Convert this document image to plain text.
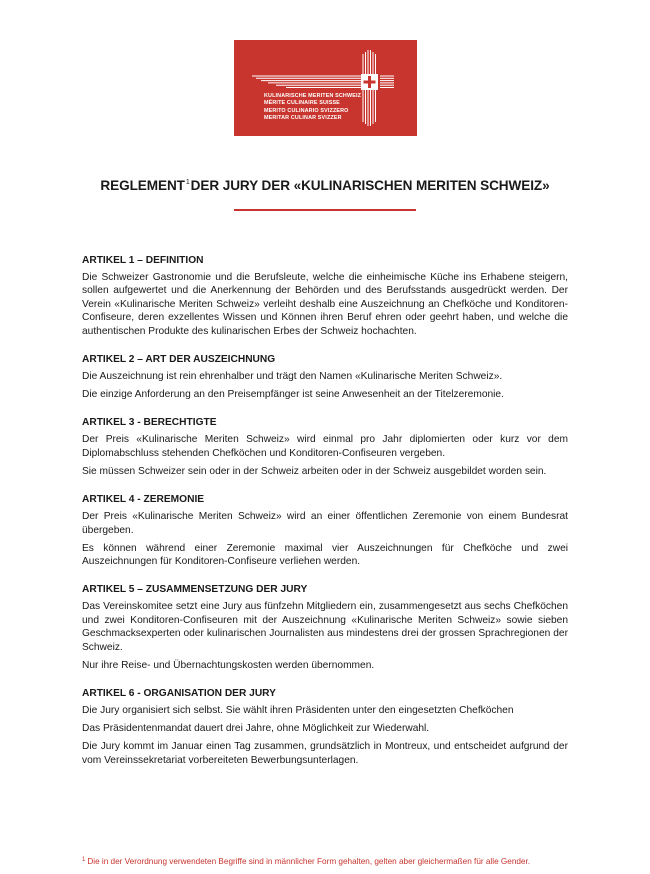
KULINARISCHE MERITEN SCHWEIZ
MÉRITE CULINAIRE SUISSE
MERITO CULINARIO SVIZZERO
MERITAR CULINAR SVIZZER
REGLEMENT$^1$DER JURY DER «KULINARISCHEN MERITEN SCHWEIZ»
ARTIKEL 1 – DEFINITION

Die Schweizer Gastronomie und die Berufsleute, welche die einheimische Küche ins Erhabene steigern, sollen aufgewertet und die Anerkennung der Behörden und des Berufsstands ausgedrückt werden. Der Verein «Kulinarische Meriten Schweiz» verleiht deshalb eine Auszeichnung an Chefköche und Konditoren-Confiseure, deren exzellentes Wissen und Können ihren Beruf ehren oder geehrt haben, und welche die authentischen Produkte des kulinarischen Erbes der Schweiz hochachten.

ARTIKEL 2 – ART DER AUSZEICHNUNG

Die Auszeichnung ist rein ehrenhalber und trägt den Namen «Kulinarische Meriten Schweiz».

Die einzige Anforderung an den Preisempfänger ist seine Anwesenheit an der Titelzeremonie.

ARTIKEL 3 - BERECHTIGTE

Der Preis «Kulinarische Meriten Schweiz» wird einmal pro Jahr diplomierten oder kurz vor dem Diplomabschluss stehenden Chefköchen und Konditoren-Confiseuren vergeben.

Sie müssen Schweizer sein oder in der Schweiz arbeiten oder in der Schweiz ausgebildet worden sein.

ARTIKEL 4 - ZEREMONIE

Der Preis «Kulinarische Meriten Schweiz» wird an einer öffentlichen Zeremonie von einem Bundesrat übergeben.

Es können während einer Zeremonie maximal vier Auszeichnungen für Chefköche und zwei Auszeichnungen für Konditoren-Confiseure verliehen werden.

ARTIKEL 5 – ZUSAMMENSETZUNG DER JURY

Das Vereinskomitee setzt eine Jury aus fünfzehn Mitgliedern ein, zusammengesetzt aus sechs Chefköchen und zwei Konditoren-Confiseuren mit der Auszeichnung «Kulinarische Meriten Schweiz» sowie sieben Geschmacksexperten oder kulinarischen Journalisten aus mindestens drei der grossen Sprachregionen der Schweiz.

Nur ihre Reise- und Übernachtungskosten werden übernommen.

ARTIKEL 6 - ORGANISATION DER JURY

Die Jury organisiert sich selbst. Sie wählt ihren Präsidenten unter den eingesetzten Chefköchen

Das Präsidentenmandat dauert drei Jahre, ohne Möglichkeit zur Wiederwahl.

Die Jury kommt im Januar einen Tag zusammen, grundsätzlich in Montreux, und entscheidet aufgrund der vom Vereinssekretariat vorbereiteten Bewerbungsunterlagen.

$^1$ Die in der Verordnung verwendeten Begriffe sind in männlicher Form gehalten, gelten aber gleichermaßen für alle Gender.
